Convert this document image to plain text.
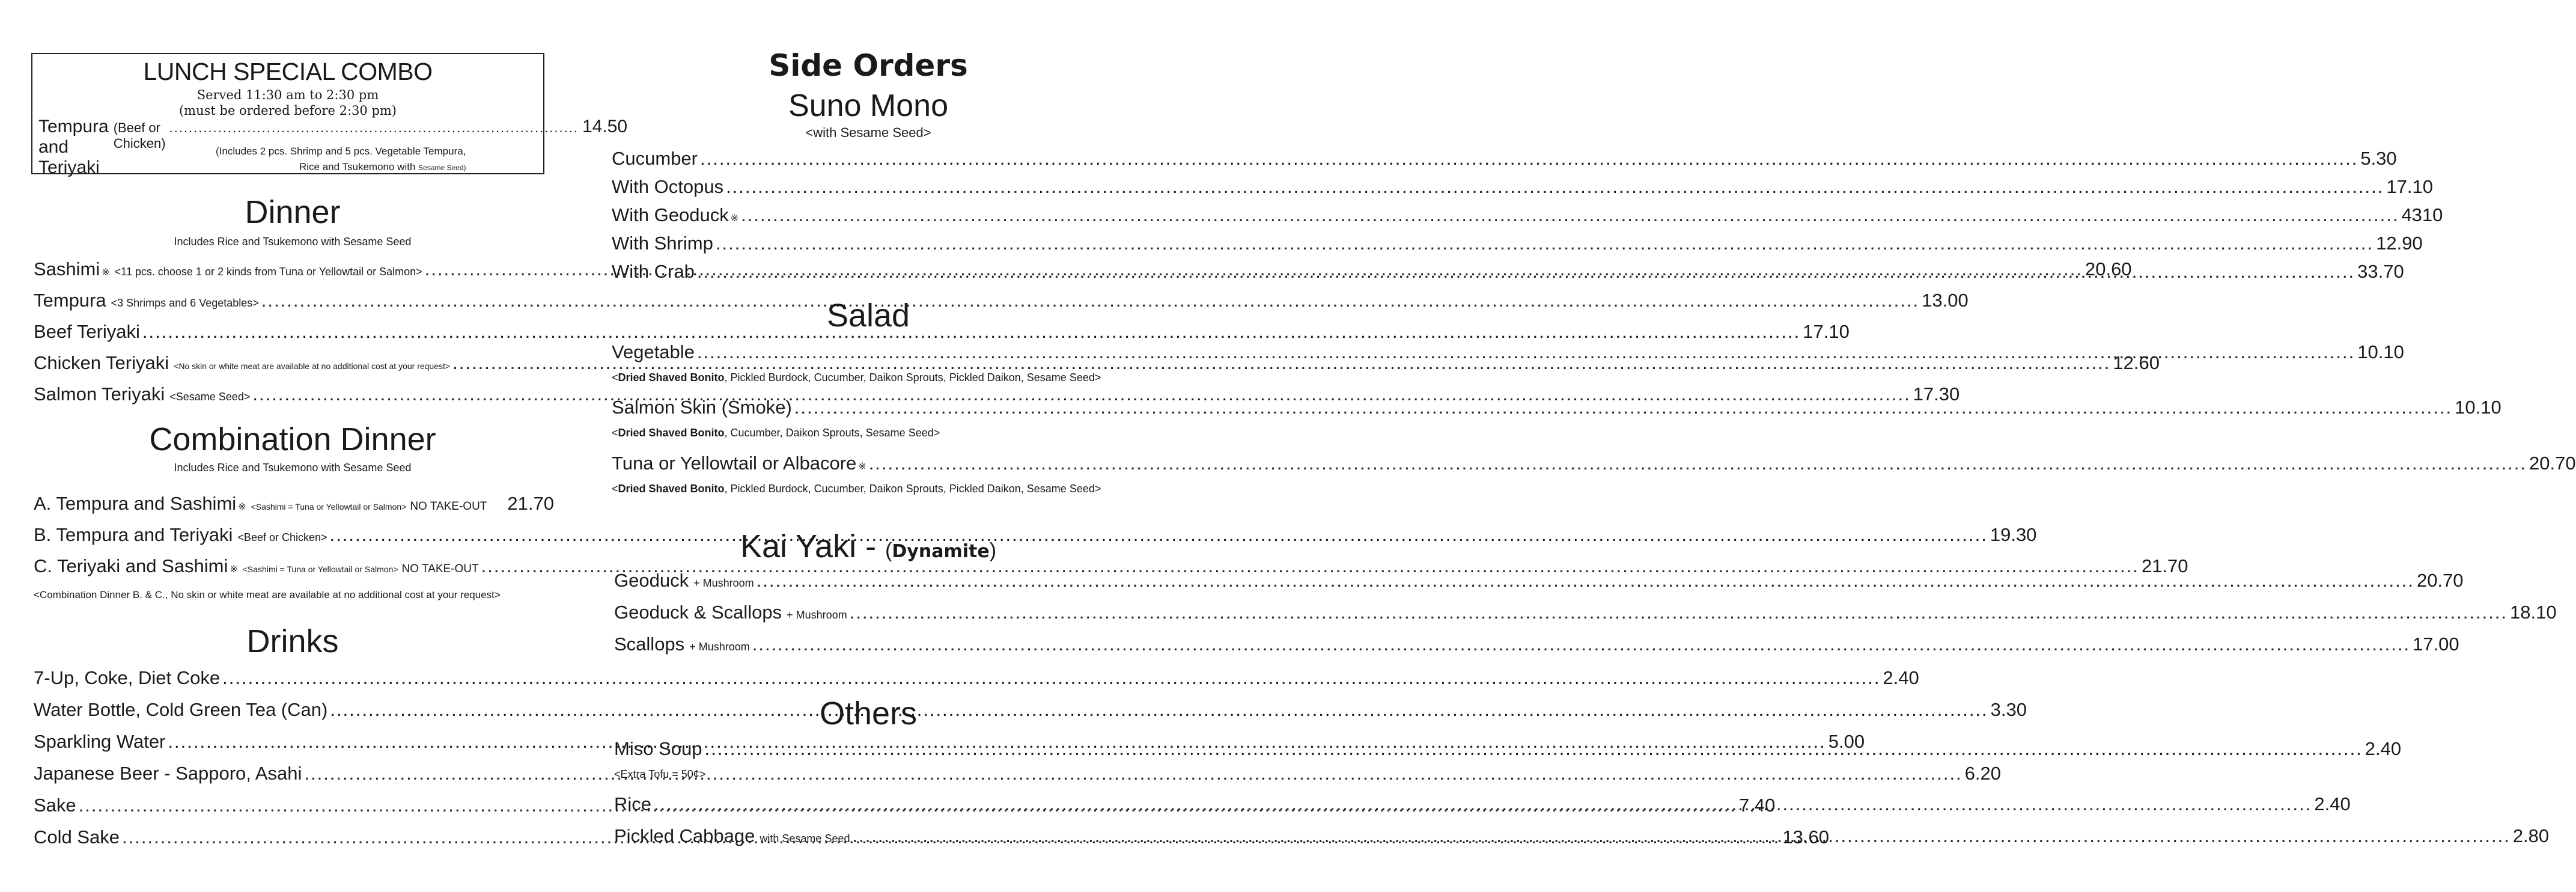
LUNCH SPECIAL COMBO
Served 11:30 am to 2:30 pm
(must be ordered before 2:30 pm)
Tempura and Teriyaki
(Beef or Chicken)
.................................................................................... 14.50
(Includes 2 pcs. Shrimp and 5 pcs. Vegetable Tempura,
Rice and Tsukemono with Sesame Seed)
Dinner
Includes Rice and Tsukemono with Sesame Seed
Sashimi ※ <11 pcs. choose 1 or 2 kinds from Tuna or Yellowtail or Salmon> .....	20.60
Tempura <3 Shrimps and 6 Vegetables> .....	13.00
Beef Teriyaki .....	17.10
Chicken Teriyaki <No skin or white meat are available at no additional cost at your request> .....	12.60
Salmon Teriyaki <Sesame Seed> .....	17.30
Combination Dinner
Includes Rice and Tsukemono with Sesame Seed
A. Tempura and Sashimi ※ <Sashimi = Tuna or Yellowtail or Salmon> NO TAKE-OUT 21.70
B. Tempura and Teriyaki <Beef or Chicken> .....	19.30
C. Teriyaki and Sashimi ※ <Sashimi = Tuna or Yellowtail or Salmon> NO TAKE-OUT .....	21.70
<Combination Dinner B. & C., No skin or white meat are available at no additional cost at your request>
Drinks
7-Up, Coke, Diet Coke .....	2.40
Water Bottle, Cold Green Tea (Can) .....	3.30
Sparkling Water .....	5.00
Japanese Beer - Sapporo, Asahi .....	6.20
Sake .....	7.40
Cold Sake .....	13.60
Side Orders
Suno Mono
<with Sesame Seed>
Cucumber .....	5.30
With Octopus .....	17.10
With Geoduck ※ .....	4310
With Shrimp .....	12.90
With Crab .....	33.70
Salad
Vegetable .....	10.10
<Dried Shaved Bonito, Pickled Burdock, Cucumber, Daikon Sprouts, Pickled Daikon, Sesame Seed>
Salmon Skin (Smoke) .....	10.10
<Dried Shaved Bonito, Cucumber, Daikon Sprouts, Sesame Seed>
Tuna or Yellowtail or Albacore ※ .....	20.70
<Dried Shaved Bonito, Pickled Burdock, Cucumber, Daikon Sprouts, Pickled Daikon, Sesame Seed>
Kai Yaki - (Dynamite)
Geoduck + Mushroom .....	20.70
Geoduck & Scallops + Mushroom .....	18.10
Scallops + Mushroom .....	17.00
Others
Miso Soup .....	2.40
<Extra Tofu = 50¢>
Rice .....	2.40
Pickled Cabbage with Sesame Seed .....	2.80
